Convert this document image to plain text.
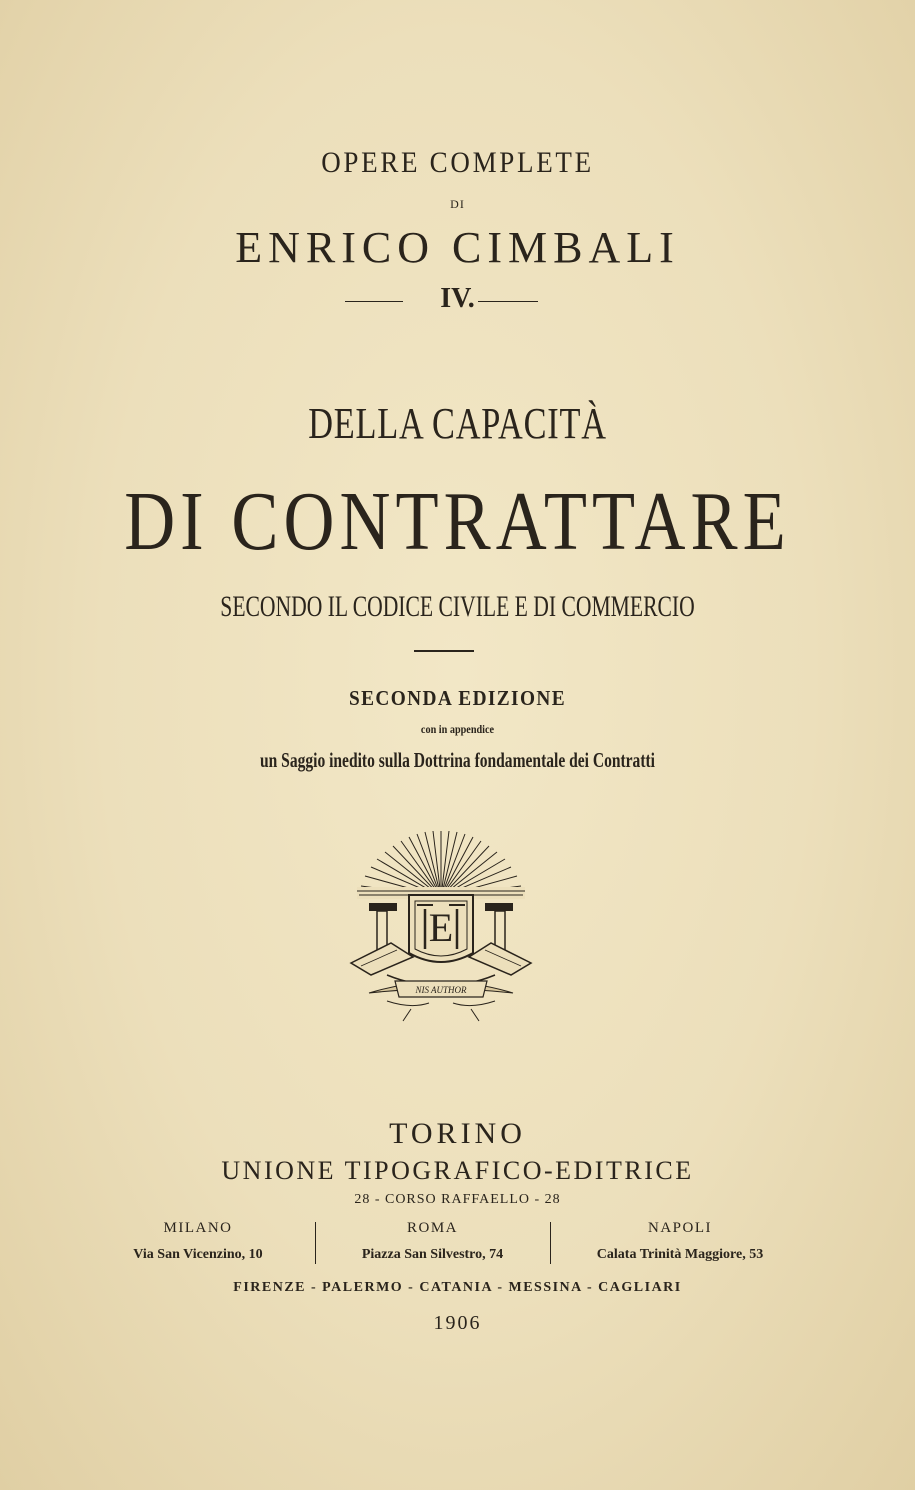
OPERE COMPLETE
DI
ENRICO CIMBALI
IV.
DELLA CAPACITÀ
DI CONTRATTARE
SECONDO IL CODICE CIVILE E DI COMMERCIO
SECONDA EDIZIONE
con in appendice
un Saggio inedito sulla Dottrina fondamentale dei Contratti
E
NIS AUTHOR
TORINO
UNIONE TIPOGRAFICO-EDITRICE
28 - CORSO RAFFAELLO - 28
MILANO
Via San Vicenzino, 10
ROMA
Piazza San Silvestro, 74
NAPOLI
Calata Trinità Maggiore, 53
FIRENZE - PALERMO - CATANIA - MESSINA - CAGLIARI
1906
